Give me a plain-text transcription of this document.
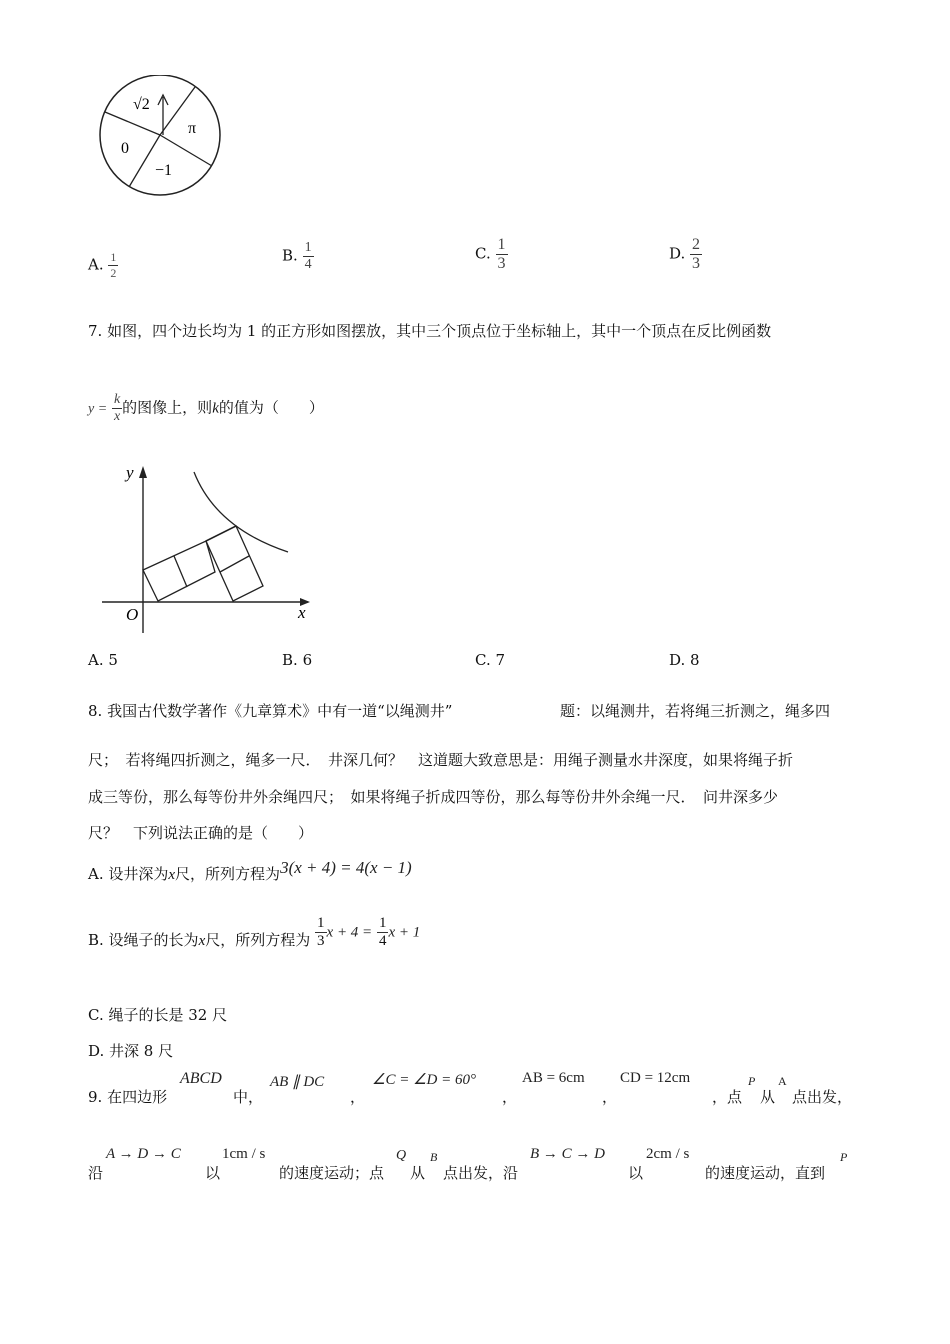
√2
π
0
−1
A. $\frac{1}{2}$	B. $\frac{1}{4}$	C. $\frac{1}{3}$	D. $\frac{2}{3}$
7. 如图，四个边长均为 1 的正方形如图摆放，其中三个顶点位于坐标轴上，其中一个顶点在反比例函数
$y = \frac{k}{x}$ 的图像上，则k的值为（　　）
y
x
O
A. 5	B. 6	C. 7	D. 8
8. 我国古代数学著作《九章算术》中有一道“以绳测井”	题：以绳测井，若将绳三折测之，绳多四
尺；　若将绳四折测之，绳多一尺．　井深几何？　这道题大致意思是：用绳子测量水井深度，如果将绳子折
成三等份，那么每等份井外余绳四尺；　如果将绳子折成四等份，那么每等份井外余绳一尺．　问井深多少
尺？　下列说法正确的是（　　）
A. 设井深为x尺，所列方程为3(x + 4) = 4(x − 1)
B. 设绳子的长为x尺，所列方程为 $\frac{1}{3}$ $x + 4 = \frac{1}{4}$ x + 1
C. 绳子的长是 32 尺
D. 井深 8 尺
9. 在四边形
ABCD
中，
AB ∥ DC
，
∠C = ∠D = 60°
，
AB = 6cm
，
CD = 12cm
，点
P
从
A
点出发，
沿
A → D → C
以
1cm / s
的速度运动；点
Q
从
B
点出发，沿
B → C → D
以
2cm / s
的速度运动，直到
P
